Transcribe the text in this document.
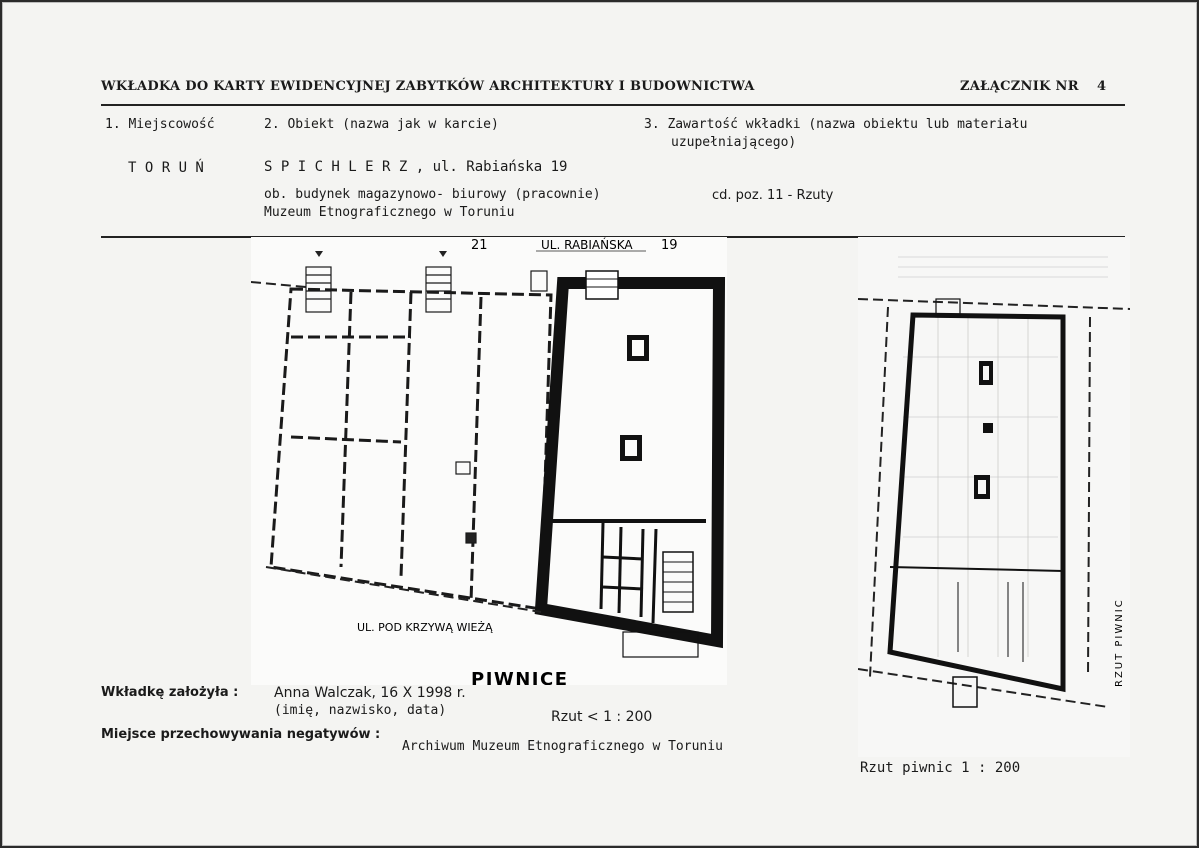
WKŁADKA DO KARTY EWIDENCYJNEJ ZABYTKÓW ARCHITEKTURY I BUDOWNICTWA	ZAŁĄCZNIK NR 4
1. Miejscowość	2. Obiekt (nazwa jak w karcie)	3. Zawartość wkładki (nazwa obiektu lub materiału
uzupełniającego)
T O R U Ń	S P I C H L E R Z , ul. Rabiańska 19
ob. budynek magazynowo- biurowy (pracownie)
Muzeum Etnograficznego w Toruniu
cd. poz. 11 - Rzuty
21	UL. RABIAŃSKA 19
UL. POD KRZYWĄ WIEŻĄ
PIWNICE	RZUT PIWNIC
Rzut piwnic 1 : 200
Wkładkę założyła :	Anna Walczak, 16 X 1998 r.
(imię, nazwisko, data)	Rzut < 1 : 200
Miejsce przechowywania negatywów :
Archiwum Muzeum Etnograficznego w Toruniu
